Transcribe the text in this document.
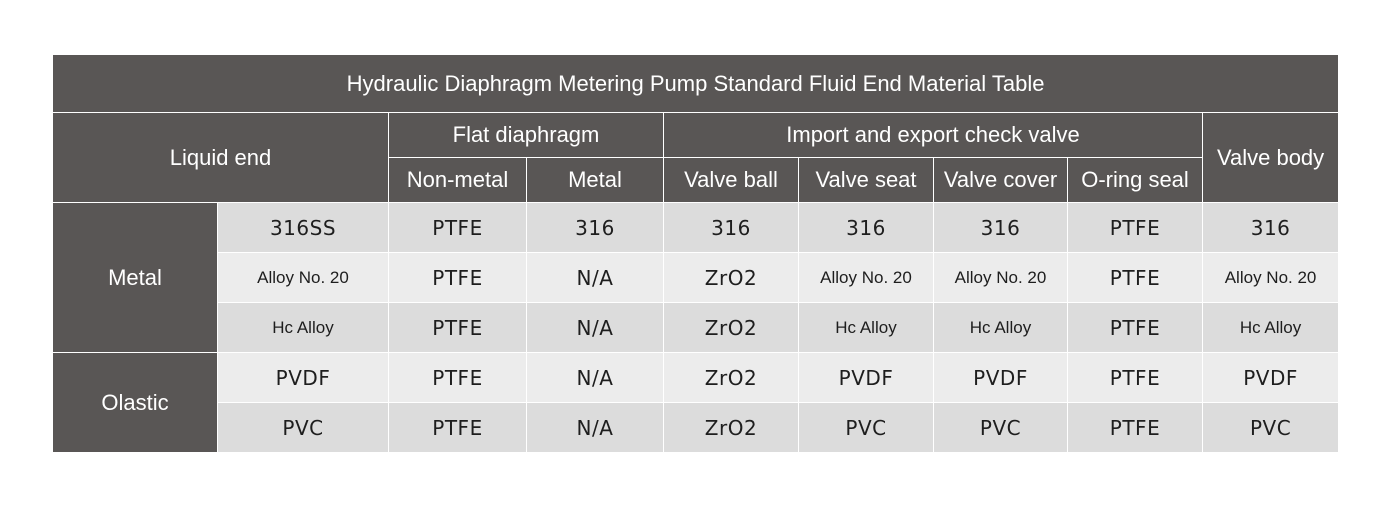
Hydraulic Diaphragm Metering Pump Standard Fluid End Material Table								
Liquid end		Flat diaphragm		Import and export check valve				Valve body
		Non-metal	Metal	Valve ball	Valve seat	Valve cover	O-ring seal	
Metal	316SS	PTFE	316	316	316	316	PTFE	316
	Alloy No. 20	PTFE	N/A	ZrO2	Alloy No. 20	Alloy No. 20	PTFE	Alloy No. 20
	Hc Alloy	PTFE	N/A	ZrO2	Hc Alloy	Hc Alloy	PTFE	Hc Alloy
Olastic	PVDF	PTFE	N/A	ZrO2	PVDF	PVDF	PTFE	PVDF
	PVC	PTFE	N/A	ZrO2	PVC	PVC	PTFE	PVC
